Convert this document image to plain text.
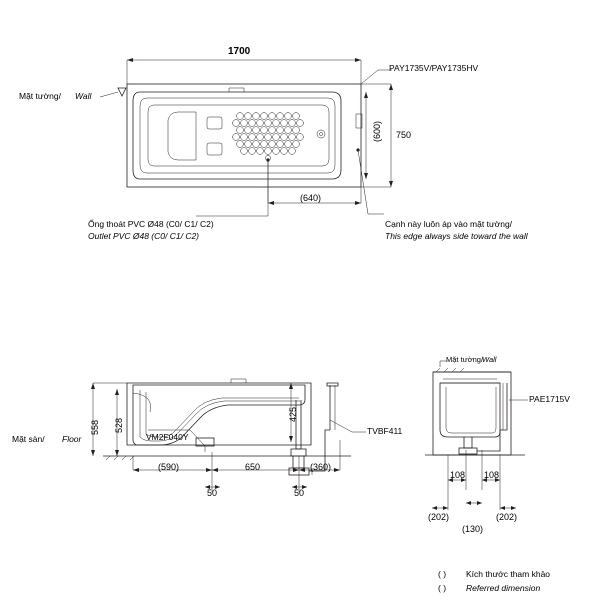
1700
750
(600)
(640)
PAY1735V/PAY1735HV
Mặt tường/ Wall
Ống thoát PVC Ø48 (C0/ C1/ C2)
Outlet PVC Ø48 (C0/ C1/ C2)
Cạnh này luôn áp vào mặt tường/
This edge always side toward the wall
558 528
425
(590)	650	(360)
50	50
Mặt sàn/ Floor	VM2F040Y
TVBF411
Mặt tường/
Wall
PAE1715V
108 108
(202)
(130)
(202)
( ) Kích thước tham khảo
( ) Referred dimension
